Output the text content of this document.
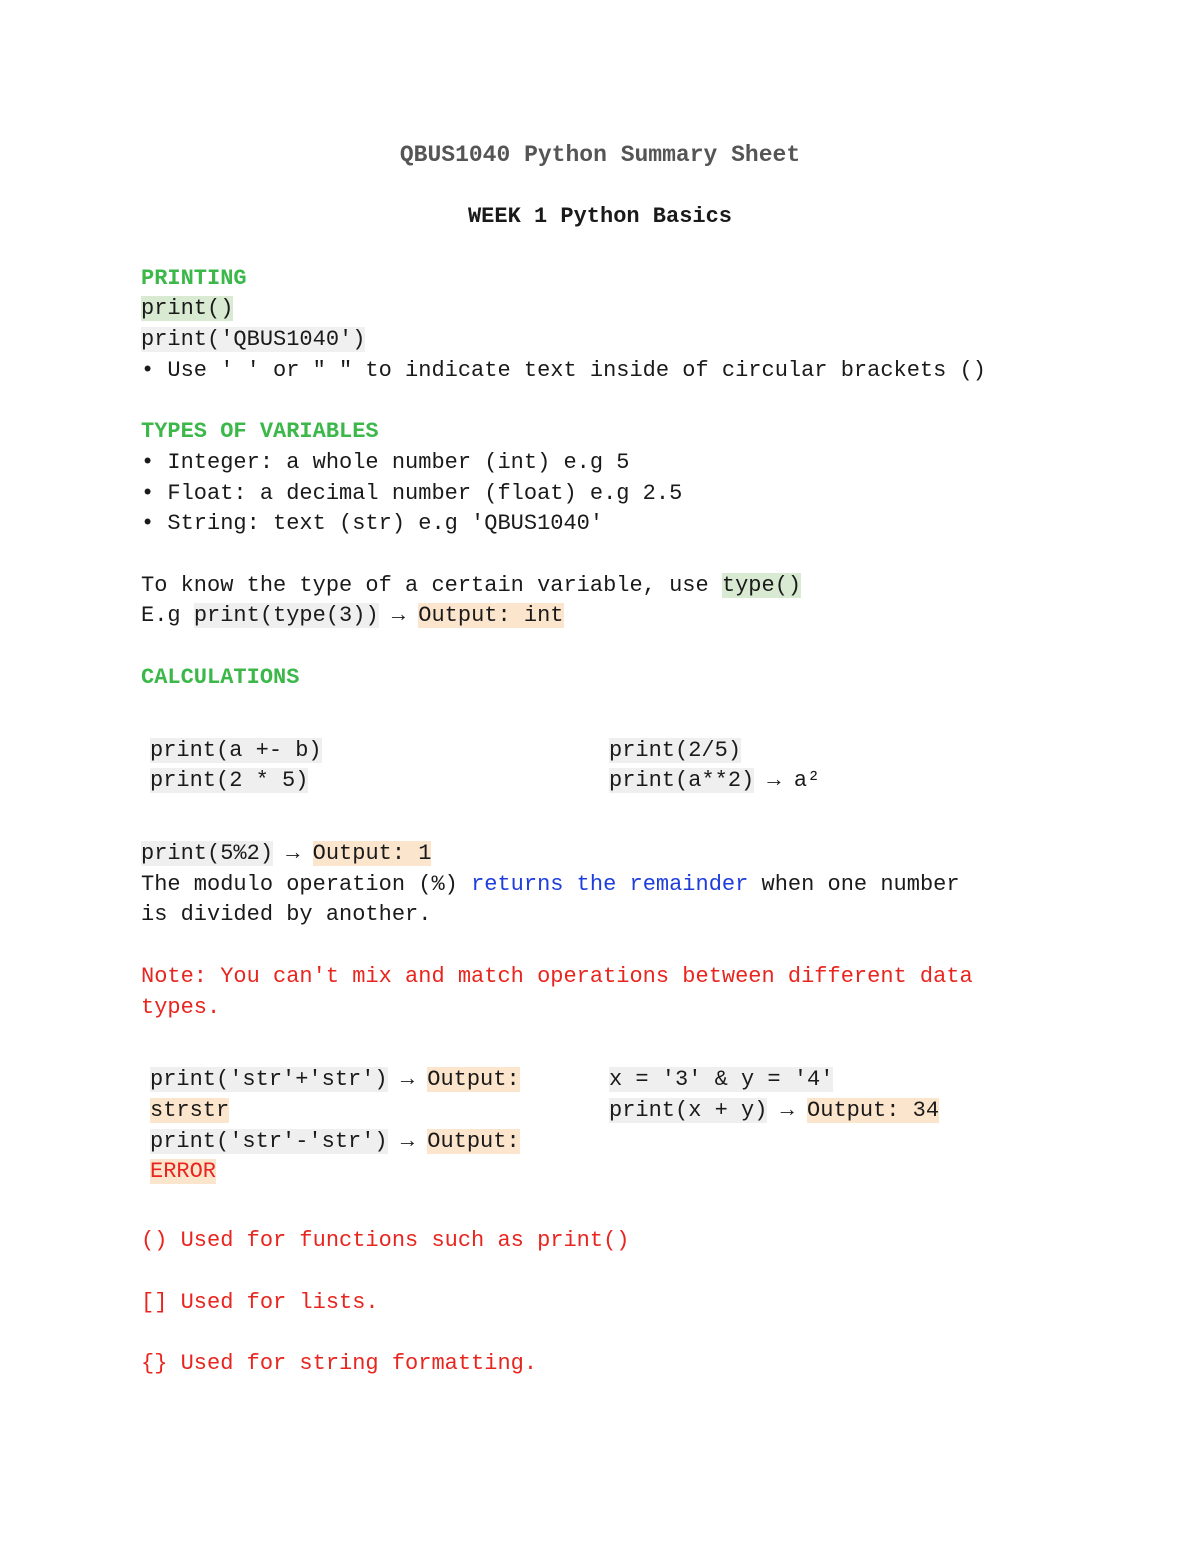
QBUS1040 Python Summary Sheet
WEEK 1 Python Basics
PRINTING
print()
print('QBUS1040')
• Use ' ' or " " to indicate text inside of circular brackets ()
TYPES OF VARIABLES
• Integer: a whole number (int) e.g 5
• Float: a decimal number (float) e.g 2.5
• String: text (str) e.g 'QBUS1040'
To know the type of a certain variable, use type()
E.g print(type(3)) → Output: int
CALCULATIONS
print(a +- b)
print(2 * 5)
print(2/5)
print(a**2) → a²
print(5%2) → Output: 1
The modulo operation (%) returns the remainder when one number
is divided by another.
Note: You can't mix and match operations between different data
types.
print('str'+'str') → Output:
strstr
print('str'-'str') → Output:
ERROR
x = '3' & y = '4'
print(x + y) → Output: 34
() Used for functions such as print()
[] Used for lists.
{} Used for string formatting.
